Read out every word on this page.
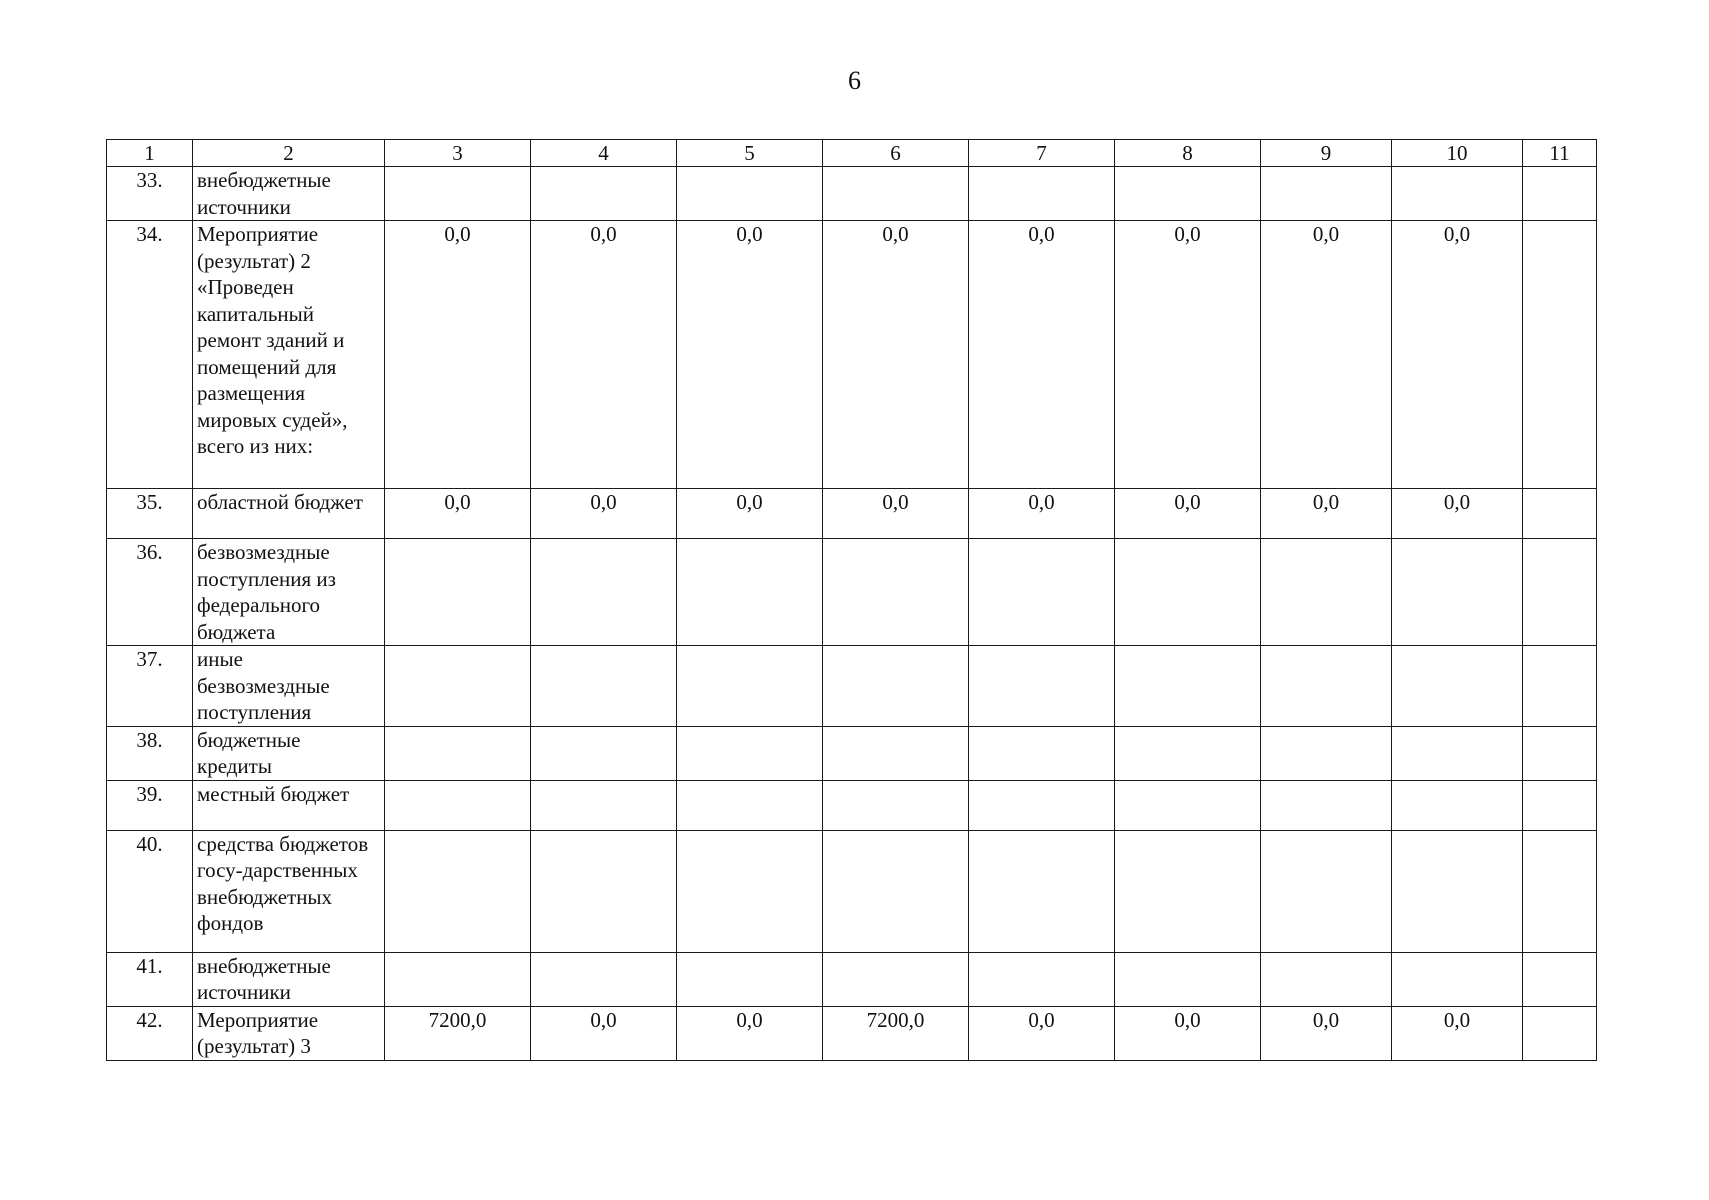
6
1	2	3	4	5	6	7	8	9	10	11
33.	внебюджетные источники									
34.	Мероприятие (результат) 2 «Проведен капитальный ремонт зданий и помещений для размещения мировых судей», всего из них:	0,0	0,0	0,0	0,0	0,0	0,0	0,0	0,0	
35.	областной бюджет	0,0	0,0	0,0	0,0	0,0	0,0	0,0	0,0	
36.	безвозмездные поступления из федерального бюджета									
37.	иные безвозмездные поступления									
38.	бюджетные кредиты									
39.	местный бюджет									
40.	средства бюджетов госу-дарственных внебюджетных фондов									
41.	внебюджетные источники									
42.	Мероприятие (результат) 3	7200,0	0,0	0,0	7200,0	0,0	0,0	0,0	0,0	
